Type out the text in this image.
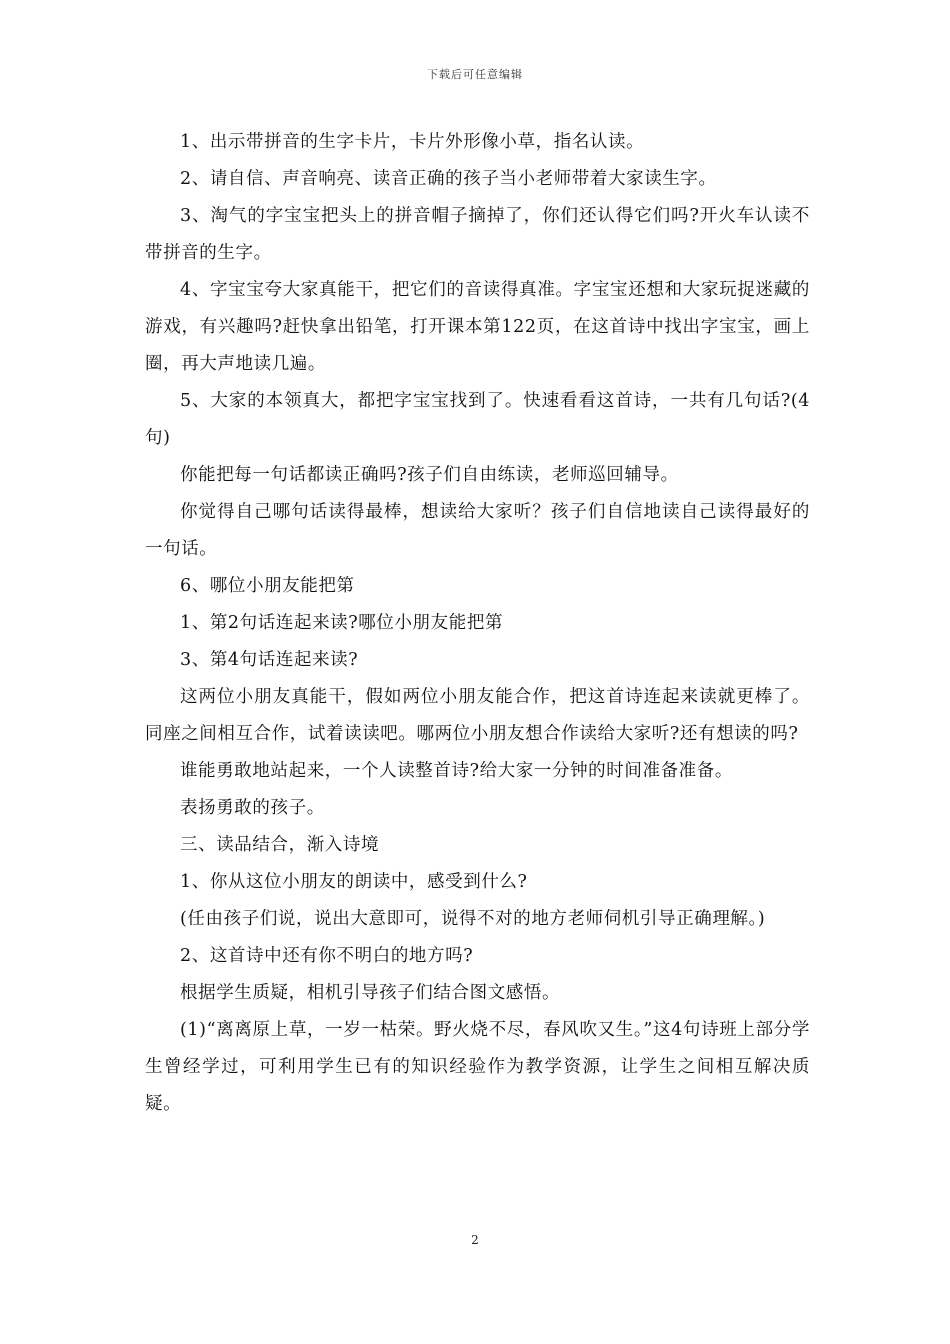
下载后可任意编辑

1、出示带拼音的生字卡片，卡片外形像小草，指名认读。

2、请自信、声音响亮、读音正确的孩子当小老师带着大家读生字。

3、淘气的字宝宝把头上的拼音帽子摘掉了，你们还认得它们吗?开火车认读不带拼音的生字。

4、字宝宝夸大家真能干，把它们的音读得真准。字宝宝还想和大家玩捉迷藏的游戏，有兴趣吗?赶快拿出铅笔，打开课本第122页，在这首诗中找出字宝宝，画上圈，再大声地读几遍。

5、大家的本领真大，都把字宝宝找到了。快速看看这首诗，一共有几句话?(4句)

你能把每一句话都读正确吗?孩子们自由练读，老师巡回辅导。

你觉得自己哪句话读得最棒，想读给大家听？孩子们自信地读自己读得最好的一句话。

6、哪位小朋友能把第

1、第2句话连起来读?哪位小朋友能把第

3、第4句话连起来读?

这两位小朋友真能干，假如两位小朋友能合作，把这首诗连起来读就更棒了。同座之间相互合作，试着读读吧。哪两位小朋友想合作读给大家听?还有想读的吗?

谁能勇敢地站起来，一个人读整首诗?给大家一分钟的时间准备准备。

表扬勇敢的孩子。

三、读品结合，渐入诗境

1、你从这位小朋友的朗读中，感受到什么?

(任由孩子们说，说出大意即可，说得不对的地方老师伺机引导正确理解。)

2、这首诗中还有你不明白的地方吗?

根据学生质疑，相机引导孩子们结合图文感悟。

(1)“离离原上草，一岁一枯荣。野火烧不尽，春风吹又生。”这4句诗班上部分学生曾经学过，可利用学生已有的知识经验作为教学资源，让学生之间相互解决质疑。

2
